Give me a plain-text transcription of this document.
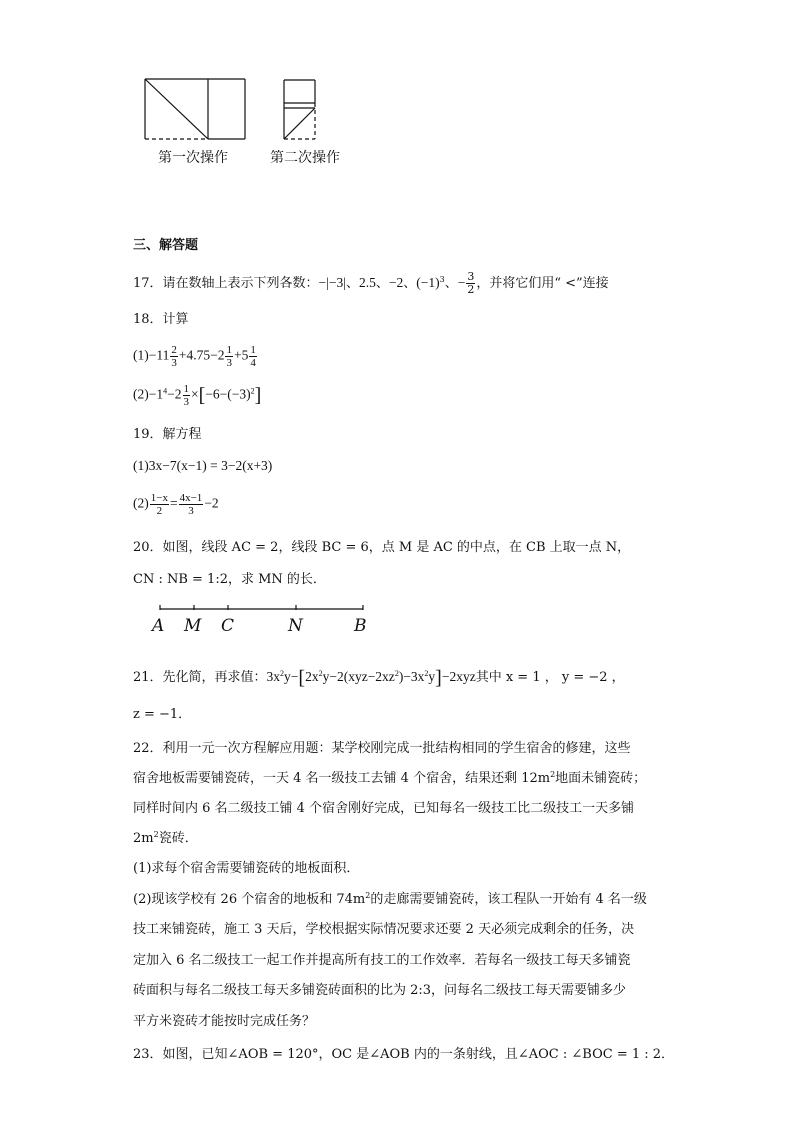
第一次操作	第二次操作
三、解答题
17．请在数轴上表示下列各数：−|−3|、2.5、−2、$(-1)^3$、− $\frac{3}{2}$ ，并将它们用“ <”连接
18．计算
$(1)-11 \frac{2}{3} +4.75-2 \frac{1}{3} +5 \frac{1}{4}$
$(2)-1^4-2 \frac{1}{3} \times[-6-(-3)^2]$
19．解方程
(1)3x−7(x−1) = 3−2(x+3)
$(2) \frac{1-x}{2} = \frac{4x-1}{3} -2$
20．如图，线段 AC = 2，线段 BC = 6，点 M 是 AC 的中点，在 CB 上取一点 N，
CN : NB = 1:2，求 MN 的长．
A M C	N	B
21．先化简，再求值：$3x^2y-[2x^2y-2(xyz-2xz^2)-3x^2y]-2xyz$其中 x = 1 ， y = −2 ，
z = −1．
22．利用一元一次方程解应用题：某学校刚完成一批结构相同的学生宿舍的修建，这些
宿舍地板需要铺瓷砖，一天 4 名一级技工去铺 4 个宿舍，结果还剩 $12m^2$地面未铺瓷砖；
同样时间内 6 名二级技工铺 4 个宿舍刚好完成，已知每名一级技工比二级技工一天多铺
$2m^2$瓷砖．
(1)求每个宿舍需要铺瓷砖的地板面积．
(2)现该学校有 26 个宿舍的地板和 $74m^2$的走廊需要铺瓷砖，该工程队一开始有 4 名一级
技工来铺瓷砖，施工 3 天后，学校根据实际情况要求还要 2 天必须完成剩余的任务，决
定加入 6 名二级技工一起工作并提高所有技工的工作效率．若每名一级技工每天多铺瓷
砖面积与每名二级技工每天多铺瓷砖面积的比为 2:3，问每名二级技工每天需要铺多少
平方米瓷砖才能按时完成任务？
23．如图，已知∠AOB = 120°，OC 是∠AOB 内的一条射线，且∠AOC : ∠BOC = 1 : 2．
